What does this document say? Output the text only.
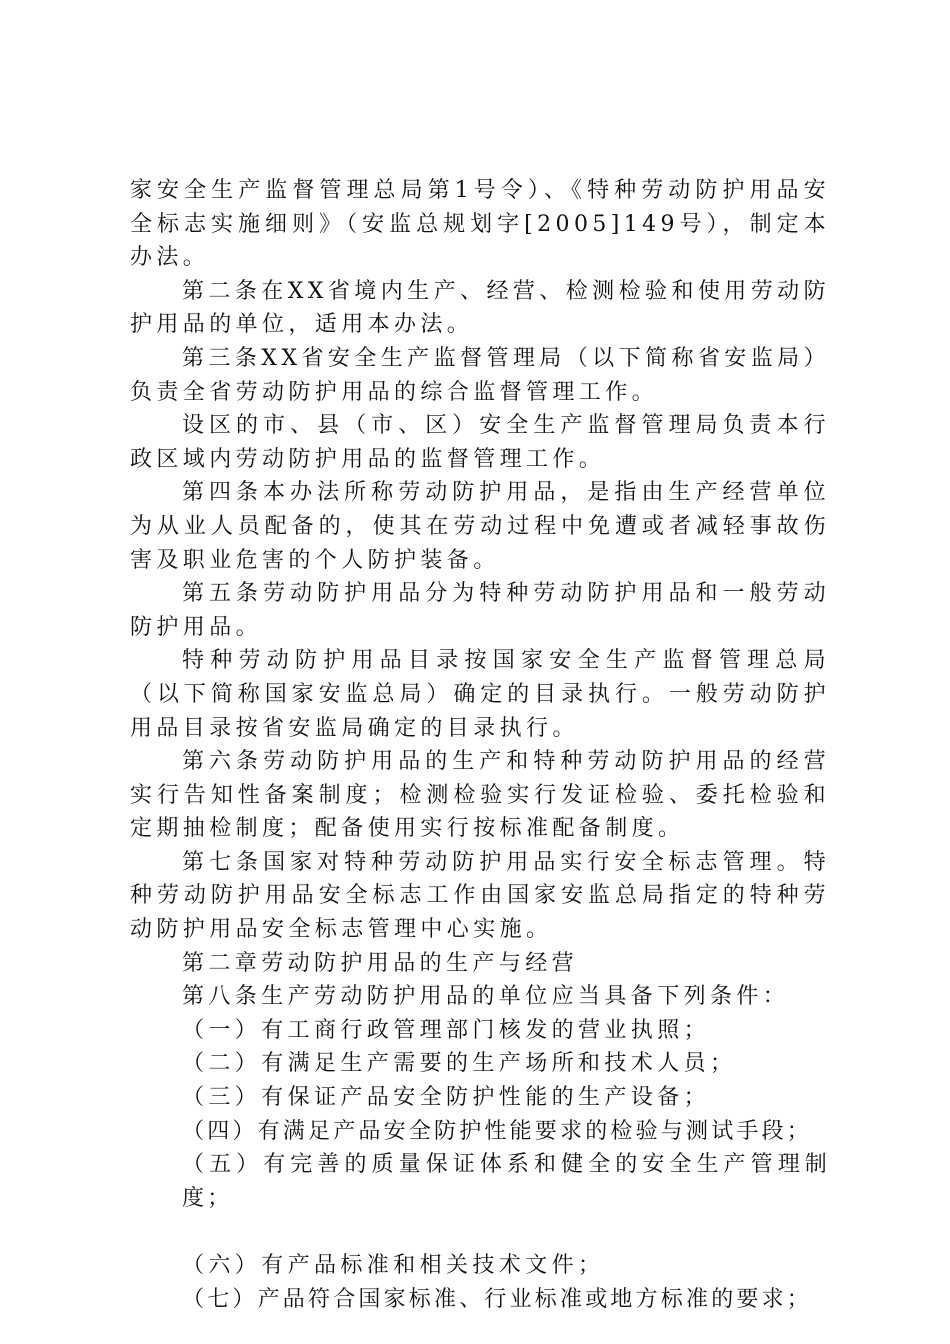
家安全生产监督管理总局第1号令）、《特种劳动防护用品安全标志实施细则》（安监总规划字[2005]149号），制定本办法。

第二条在XX省境内生产、经营、检测检验和使用劳动防护用品的单位，适用本办法。

第三条XX省安全生产监督管理局（以下简称省安监局）负责全省劳动防护用品的综合监督管理工作。

设区的市、县（市、区）安全生产监督管理局负责本行政区域内劳动防护用品的监督管理工作。

第四条本办法所称劳动防护用品，是指由生产经营单位为从业人员配备的，使其在劳动过程中免遭或者减轻事故伤害及职业危害的个人防护装备。

第五条劳动防护用品分为特种劳动防护用品和一般劳动防护用品。

特种劳动防护用品目录按国家安全生产监督管理总局（以下简称国家安监总局）确定的目录执行。一般劳动防护用品目录按省安监局确定的目录执行。

第六条劳动防护用品的生产和特种劳动防护用品的经营实行告知性备案制度；检测检验实行发证检验、委托检验和定期抽检制度；配备使用实行按标准配备制度。

第七条国家对特种劳动防护用品实行安全标志管理。特种劳动防护用品安全标志工作由国家安监总局指定的特种劳动防护用品安全标志管理中心实施。

第二章劳动防护用品的生产与经营

第八条生产劳动防护用品的单位应当具备下列条件：

（一）有工商行政管理部门核发的营业执照；

（二）有满足生产需要的生产场所和技术人员；

（三）有保证产品安全防护性能的生产设备；

（四）有满足产品安全防护性能要求的检验与测试手段；

（五）有完善的质量保证体系和健全的安全生产管理制度；

（六）有产品标准和相关技术文件；

（七）产品符合国家标准、行业标准或地方标准的要求；
